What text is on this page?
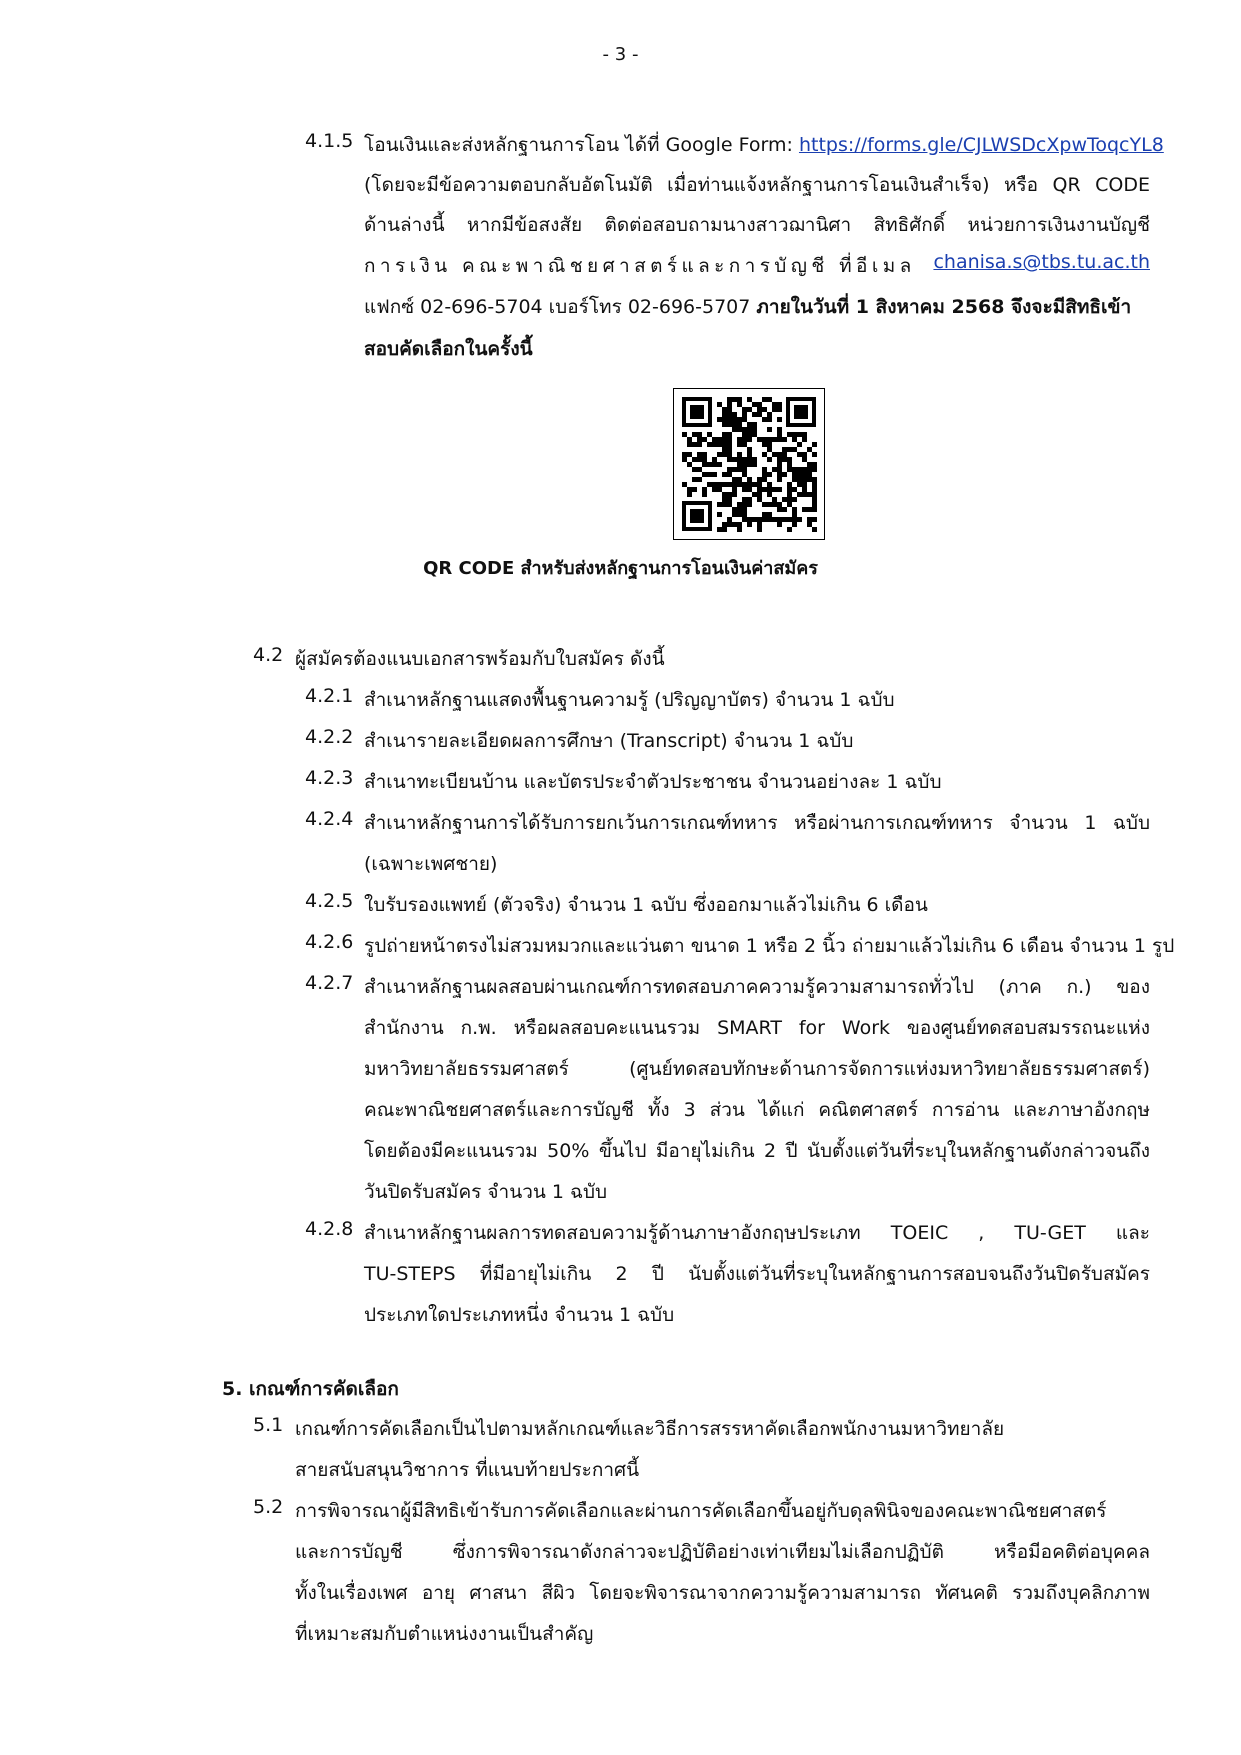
- 3 -
4.1.5 โอนเงินและส่งหลักฐานการโอน ได้ที่ Google Form: https://forms.gle/CJLWSDcXpwToqcYL8
(โดยจะมีข้อความตอบกลับอัตโนมัติ เมื่อท่านแจ้งหลักฐานการโอนเงินสำเร็จ) หรือ QR CODE
ด้านล่างนี้ หากมีข้อสงสัย ติดต่อสอบถามนางสาวฌานิศา สิทธิศักดิ์ หน่วยการเงินงานบัญชี
การเงิน คณะพาณิชยศาสตร์และการบัญชี ที่อีเมล chanisa.s@tbs.tu.ac.th
แฟกซ์ 02-696-5704 เบอร์โทร 02-696-5707 ภายในวันที่ 1 สิงหาคม 2568 จึงจะมีสิทธิเข้า
สอบคัดเลือกในครั้งนี้
QR CODE สำหรับส่งหลักฐานการโอนเงินค่าสมัคร
4.2 ผู้สมัครต้องแนบเอกสารพร้อมกับใบสมัคร ดังนี้
4.2.1 สำเนาหลักฐานแสดงพื้นฐานความรู้ (ปริญญาบัตร) จำนวน 1 ฉบับ
4.2.2 สำเนารายละเอียดผลการศึกษา (Transcript) จำนวน 1 ฉบับ
4.2.3 สำเนาทะเบียนบ้าน และบัตรประจำตัวประชาชน จำนวนอย่างละ 1 ฉบับ
4.2.4 สำเนาหลักฐานการได้รับการยกเว้นการเกณฑ์ทหาร หรือผ่านการเกณฑ์ทหาร จำนวน 1 ฉบับ
(เฉพาะเพศชาย)
4.2.5 ใบรับรองแพทย์ (ตัวจริง) จำนวน 1 ฉบับ ซึ่งออกมาแล้วไม่เกิน 6 เดือน
4.2.6 รูปถ่ายหน้าตรงไม่สวมหมวกและแว่นตา ขนาด 1 หรือ 2 นิ้ว ถ่ายมาแล้วไม่เกิน 6 เดือน จำนวน 1 รูป
4.2.7 สำเนาหลักฐานผลสอบผ่านเกณฑ์การทดสอบภาคความรู้ความสามารถทั่วไป (ภาค ก.) ของ
สำนักงาน ก.พ. หรือผลสอบคะแนนรวม SMART for Work ของศูนย์ทดสอบสมรรถนะแห่ง
มหาวิทยาลัยธรรมศาสตร์ (ศูนย์ทดสอบทักษะด้านการจัดการแห่งมหาวิทยาลัยธรรมศาสตร์)
คณะพาณิชยศาสตร์และการบัญชี ทั้ง 3 ส่วน ได้แก่ คณิตศาสตร์ การอ่าน และภาษาอังกฤษ
โดยต้องมีคะแนนรวม 50% ขึ้นไป มีอายุไม่เกิน 2 ปี นับตั้งแต่วันที่ระบุในหลักฐานดังกล่าวจนถึง
วันปิดรับสมัคร จำนวน 1 ฉบับ
4.2.8 สำเนาหลักฐานผลการทดสอบความรู้ด้านภาษาอังกฤษประเภท TOEIC , TU-GET และ
TU-STEPS ที่มีอายุไม่เกิน 2 ปี นับตั้งแต่วันที่ระบุในหลักฐานการสอบจนถึงวันปิดรับสมัคร
ประเภทใดประเภทหนึ่ง จำนวน 1 ฉบับ
5. เกณฑ์การคัดเลือก
5.1 เกณฑ์การคัดเลือกเป็นไปตามหลักเกณฑ์และวิธีการสรรหาคัดเลือกพนักงานมหาวิทยาลัย
สายสนับสนุนวิชาการ ที่แนบท้ายประกาศนี้
5.2 การพิจารณาผู้มีสิทธิเข้ารับการคัดเลือกและผ่านการคัดเลือกขึ้นอยู่กับดุลพินิจของคณะพาณิชยศาสตร์
และการบัญชี ซึ่งการพิจารณาดังกล่าวจะปฏิบัติอย่างเท่าเทียมไม่เลือกปฏิบัติ หรือมีอคติต่อบุคคล
ทั้งในเรื่องเพศ อายุ ศาสนา สีผิว โดยจะพิจารณาจากความรู้ความสามารถ ทัศนคติ รวมถึงบุคลิกภาพ
ที่เหมาะสมกับตำแหน่งงานเป็นสำคัญ
